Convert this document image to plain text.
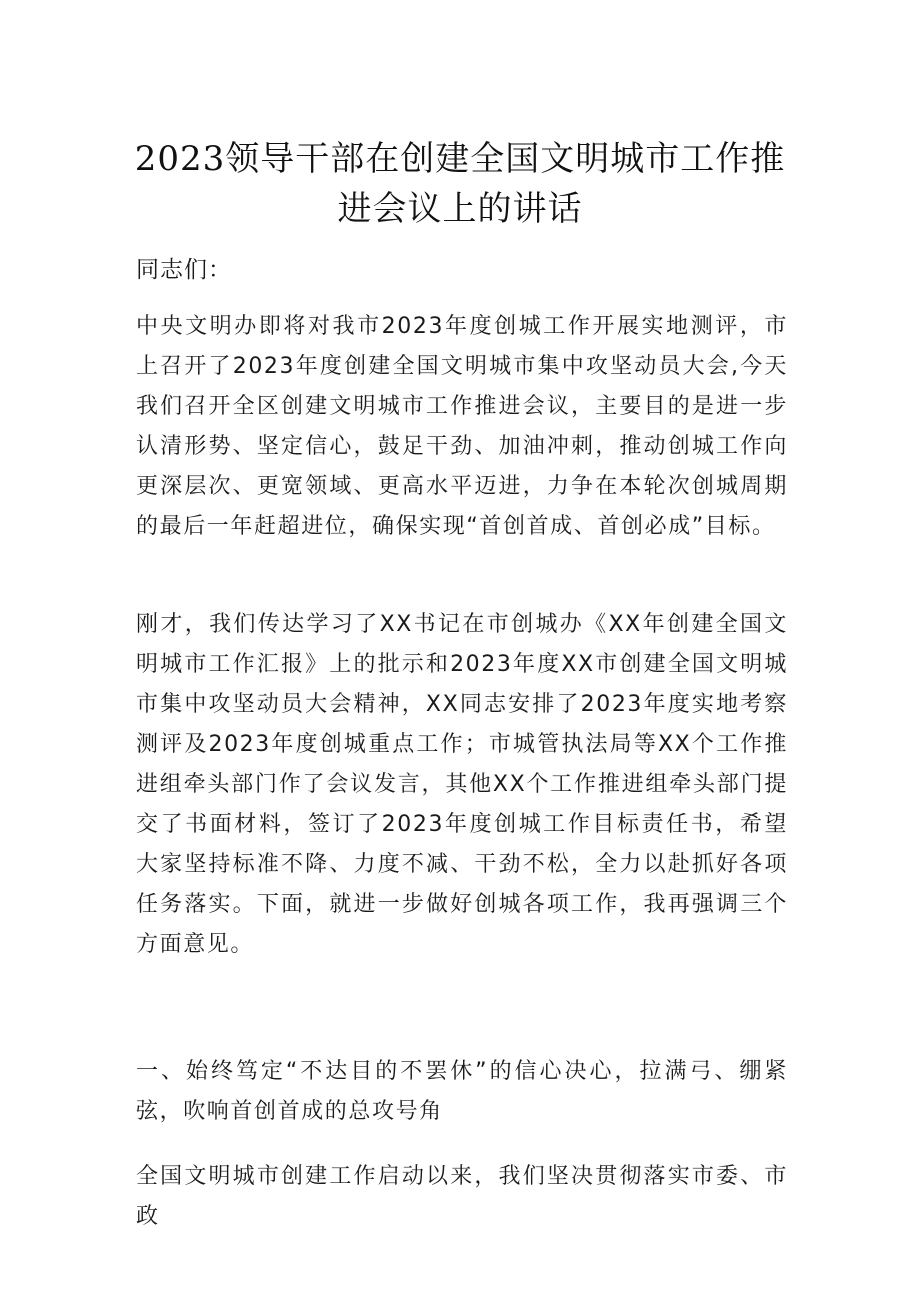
2023领导干部在创建全国文明城市工作推进会议上的讲话

同志们：

中央文明办即将对我市2023年度创城工作开展实地测评，市上召开了2023年度创建全国文明城市集中攻坚动员大会,今天我们召开全区创建文明城市工作推进会议，主要目的是进一步认清形势、坚定信心，鼓足干劲、加油冲刺，推动创城工作向更深层次、更宽领域、更高水平迈进，力争在本轮次创城周期的最后一年赶超进位，确保实现“首创首成、首创必成”目标。

刚才，我们传达学习了XX书记在市创城办《XX年创建全国文明城市工作汇报》上的批示和2023年度XX市创建全国文明城市集中攻坚动员大会精神，XX同志安排了2023年度实地考察测评及2023年度创城重点工作；市城管执法局等XX个工作推进组牵头部门作了会议发言，其他XX个工作推进组牵头部门提交了书面材料，签订了2023年度创城工作目标责任书，希望大家坚持标准不降、力度不减、干劲不松，全力以赴抓好各项任务落实。下面，就进一步做好创城各项工作，我再强调三个方面意见。

一、始终笃定“不达目的不罢休”的信心决心，拉满弓、绷紧弦，吹响首创首成的总攻号角

全国文明城市创建工作启动以来，我们坚决贯彻落实市委、市政
